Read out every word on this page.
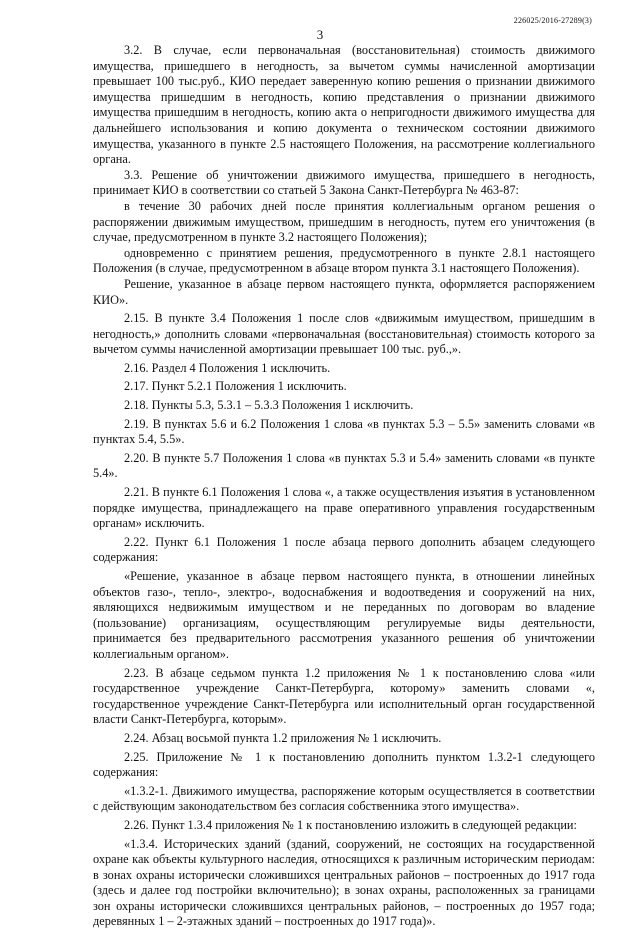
226025/2016-27289(3)
3

3.2. В случае, если первоначальная (восстановительная) стоимость движимого имущества, пришедшего в негодность, за вычетом суммы начисленной амортизации превышает 100 тыс.руб., КИО передает заверенную копию решения о признании движимого имущества пришедшим в негодность, копию представления о признании движимого имущества пришедшим в негодность, копию акта о непригодности движимого имущества для дальнейшего использования и копию документа о техническом состоянии движимого имущества, указанного в пункте 2.5 настоящего Положения, на рассмотрение коллегиального органа.

3.3. Решение об уничтожении движимого имущества, пришедшего в негодность, принимает КИО в соответствии со статьей 5 Закона Санкт-Петербурга № 463-87:

в течение 30 рабочих дней после принятия коллегиальным органом решения о распоряжении движимым имуществом, пришедшим в негодность, путем его уничтожения (в случае, предусмотренном в пункте 3.2 настоящего Положения);

одновременно с принятием решения, предусмотренного в пункте 2.8.1 настоящего Положения (в случае, предусмотренном в абзаце втором пункта 3.1 настоящего Положения).

Решение, указанное в абзаце первом настоящего пункта, оформляется распоряжением КИО».

2.15. В пункте 3.4 Положения 1 после слов «движимым имуществом, пришедшим в негодность,» дополнить словами «первоначальная (восстановительная) стоимость которого за вычетом суммы начисленной амортизации превышает 100 тыс. руб.,».

2.16. Раздел 4 Положения 1 исключить.

2.17. Пункт 5.2.1 Положения 1 исключить.

2.18. Пункты 5.3, 5.3.1 – 5.3.3 Положения 1 исключить.

2.19. В пунктах 5.6 и 6.2 Положения 1 слова «в пунктах 5.3 – 5.5» заменить словами «в пунктах 5.4, 5.5».

2.20. В пункте 5.7 Положения 1 слова «в пунктах 5.3 и 5.4» заменить словами «в пункте 5.4».

2.21. В пункте 6.1 Положения 1 слова «, а также осуществления изъятия в установленном порядке имущества, принадлежащего на праве оперативного управления государственным органам» исключить.

2.22. Пункт 6.1 Положения 1 после абзаца первого дополнить абзацем следующего содержания:

«Решение, указанное в абзаце первом настоящего пункта, в отношении линейных объектов газо-, тепло-, электро-, водоснабжения и водоотведения и сооружений на них, являющихся недвижимым имуществом и не переданных по договорам во владение (пользование) организациям, осуществляющим регулируемые виды деятельности, принимается без предварительного рассмотрения указанного решения об уничтожении коллегиальным органом».

2.23. В абзаце седьмом пункта 1.2 приложения № 1 к постановлению слова «или государственное учреждение Санкт-Петербурга, которому» заменить словами «, государственное учреждение Санкт-Петербурга или исполнительный орган государственной власти Санкт-Петербурга, которым».

2.24. Абзац восьмой пункта 1.2 приложения № 1 исключить.

2.25. Приложение № 1 к постановлению дополнить пунктом 1.3.2-1 следующего содержания:

«1.3.2-1. Движимого имущества, распоряжение которым осуществляется в соответствии с действующим законодательством без согласия собственника этого имущества».

2.26. Пункт 1.3.4 приложения № 1 к постановлению изложить в следующей редакции:

«1.3.4. Исторических зданий (зданий, сооружений, не состоящих на государственной охране как объекты культурного наследия, относящихся к различным историческим периодам: в зонах охраны исторически сложившихся центральных районов – построенных до 1917 года (здесь и далее год постройки включительно); в зонах охраны, расположенных за границами зон охраны исторически сложившихся центральных районов, – построенных до 1957 года; деревянных 1 – 2-этажных зданий – построенных до 1917 года)».
